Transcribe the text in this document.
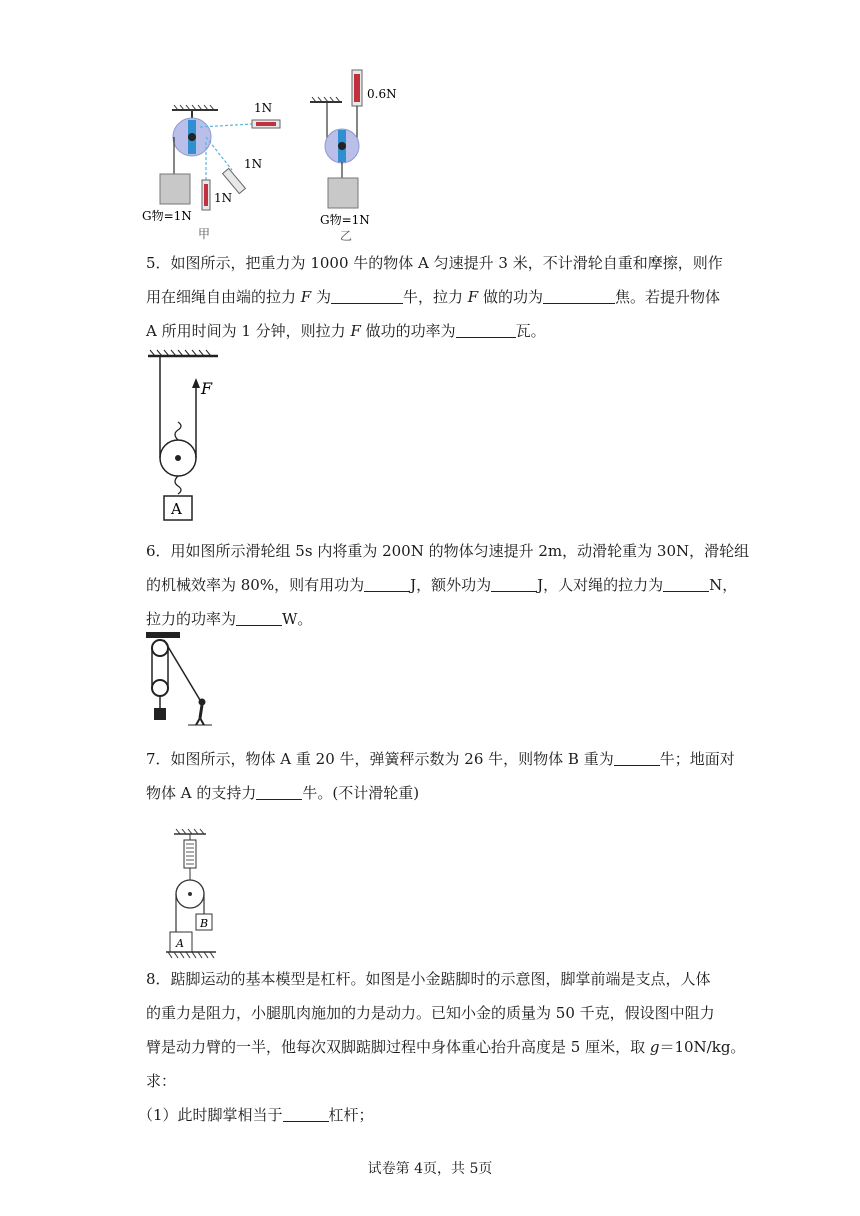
1N
1N
1N
G物=1N
甲
0.6N
G物=1N
乙

5．如图所示，把重力为 1000 牛的物体 A 匀速提升 3 米，不计滑轮自重和摩擦，则作

用在细绳自由端的拉力 F 为	牛，拉力 F 做的功为	焦。若提升物体

A 所用时间为 1 分钟，则拉力 F 做功的功率为	瓦。

F
A

6．用如图所示滑轮组 5s 内将重为 200N 的物体匀速提升 2m，动滑轮重为 30N，滑轮组

的机械效率为 80%，则有用功为	J，额外功为	J，人对绳的拉力为	N，

拉力的功率为	W。

7．如图所示，物体 A 重 20 牛，弹簧秤示数为 26 牛，则物体 B 重为	牛；地面对

物体 A 的支持力	牛。(不计滑轮重)

B
A

8．踮脚运动的基本模型是杠杆。如图是小金踮脚时的示意图，脚掌前端是支点，人体

的重力是阻力，小腿肌肉施加的力是动力。已知小金的质量为 50 千克，假设图中阻力

臂是动力臂的一半，他每次双脚踮脚过程中身体重心抬升高度是 5 厘米，取 g＝10N/kg。

求：

（1）此时脚掌相当于	杠杆；

试卷第 4页，共 5页
